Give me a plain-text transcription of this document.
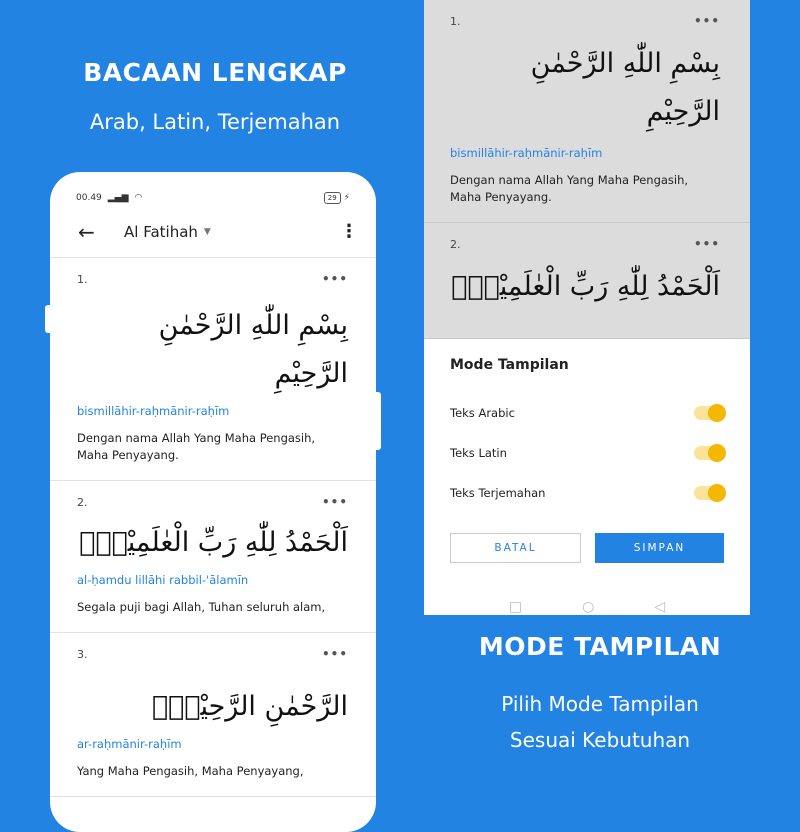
BACAAN LENGKAP
Arab, Latin, Terjemahan
00.49 ▂▄▆ ◠	29 ⚡
←	Al Fatihah ▼	⋮
1.	•••
بِسْمِ اللّٰهِ الرَّحْمٰنِ الرَّحِيْمِ
bismillāhir-raḥmānir-raḥīm
Dengan nama Allah Yang Maha Pengasih, Maha Penyayang.
2.	•••
اَلْحَمْدُ لِلّٰهِ رَبِّ الْعٰلَمِيْنَۙ
al-ḥamdu lillāhi rabbil-'ālamīn
Segala puji bagi Allah, Tuhan seluruh alam,
3.	•••
الرَّحْمٰنِ الرَّحِيْمِۙ
ar-raḥmānir-raḥīm
Yang Maha Pengasih, Maha Penyayang,
1.	•••
بِسْمِ اللّٰهِ الرَّحْمٰنِ الرَّحِيْمِ
bismillāhir-raḥmānir-raḥīm
Dengan nama Allah Yang Maha Pengasih, Maha Penyayang.
2.	•••
اَلْحَمْدُ لِلّٰهِ رَبِّ الْعٰلَمِيْنَۙ
Mode Tampilan
Teks Arabic
Teks Latin
Teks Terjemahan
BATAL	SIMPAN
□	○	◁
MODE TAMPILAN
Pilih Mode Tampilan
Sesuai Kebutuhan
